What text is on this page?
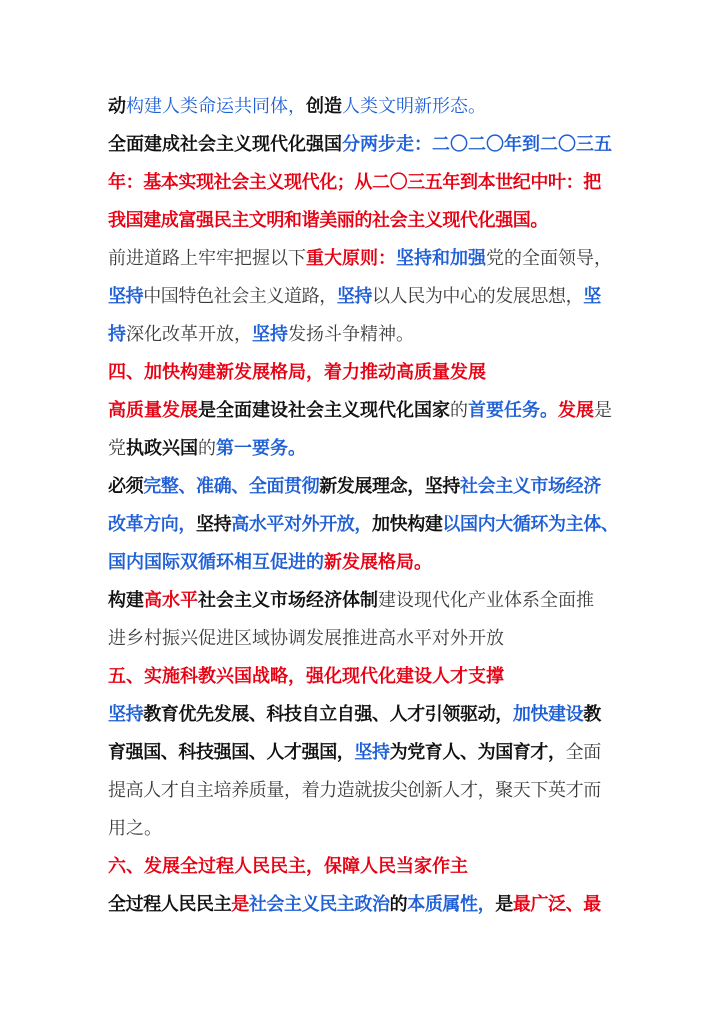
动构建人类命运共同体，创造人类文明新形态。
全面建成社会主义现代化强国分两步走：二〇二〇年到二〇三五
年：基本实现社会主义现代化；从二〇三五年到本世纪中叶：把
我国建成富强民主文明和谐美丽的社会主义现代化强国。
前进道路上牢牢把握以下重大原则：坚持和加强党的全面领导，
坚持中国特色社会主义道路，坚持以人民为中心的发展思想，坚
持深化改革开放，坚持发扬斗争精神。
四、加快构建新发展格局，着力推动高质量发展
高质量发展是全面建设社会主义现代化国家的首要任务。发展是
党执政兴国的第一要务。
必须完整、准确、全面贯彻新发展理念，坚持社会主义市场经济
改革方向，坚持高水平对外开放，加快构建以国内大循环为主体、
国内国际双循环相互促进的新发展格局。
构建高水平社会主义市场经济体制建设现代化产业体系全面推
进乡村振兴促进区域协调发展推进高水平对外开放
五、实施科教兴国战略，强化现代化建设人才支撑
坚持教育优先发展、科技自立自强、人才引领驱动，加快建设教
育强国、科技强国、人才强国，坚持为党育人、为国育才，全面
提高人才自主培养质量，着力造就拔尖创新人才，聚天下英才而
用之。
六、发展全过程人民民主，保障人民当家作主
全过程人民民主是社会主义民主政治的本质属性，是最广泛、最
